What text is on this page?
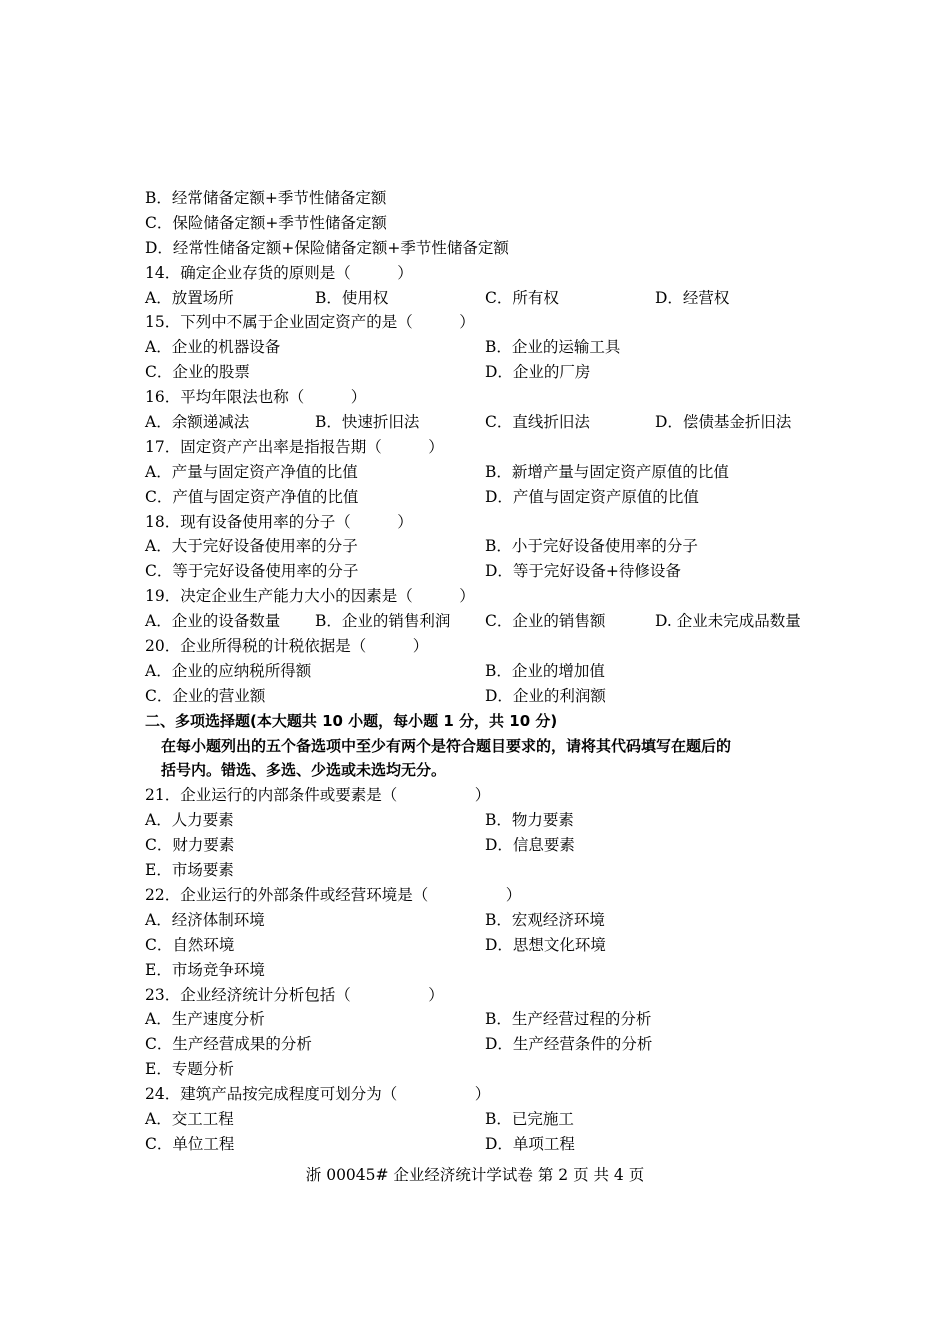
B．经常储备定额+季节性储备定额
C．保险储备定额+季节性储备定额
D．经常性储备定额+保险储备定额+季节性储备定额
14．确定企业存货的原则是（　　　）
A．放置场所	B．使用权	C．所有权	D．经营权
15．下列中不属于企业固定资产的是（　　　）
A．企业的机器设备	B．企业的运输工具
C．企业的股票	D．企业的厂房
16．平均年限法也称（　　　）
A．余额递减法	B．快速折旧法	C．直线折旧法	D．偿债基金折旧法
17．固定资产产出率是指报告期（　　　）
A．产量与固定资产净值的比值	B．新增产量与固定资产原值的比值
C．产值与固定资产净值的比值	D．产值与固定资产原值的比值
18．现有设备使用率的分子（　　　）
A．大于完好设备使用率的分子	B．小于完好设备使用率的分子
C．等于完好设备使用率的分子	D．等于完好设备+待修设备
19．决定企业生产能力大小的因素是（　　　）
A．企业的设备数量 B．企业的销售利润 C．企业的销售额	D. 企业未完成品数量
20．企业所得税的计税依据是（　　　）
A．企业的应纳税所得额	B．企业的增加值
C．企业的营业额	D．企业的利润额
二、多项选择题(本大题共 10 小题，每小题 1 分，共 10 分)
在每小题列出的五个备选项中至少有两个是符合题目要求的，请将其代码填写在题后的
括号内。错选、多选、少选或未选均无分。
21．企业运行的内部条件或要素是（　　　　　）
A．人力要素	B．物力要素
C．财力要素	D．信息要素
E．市场要素
22．企业运行的外部条件或经营环境是（　　　　　）
A．经济体制环境	B．宏观经济环境
C．自然环境	D．思想文化环境
E．市场竞争环境
23．企业经济统计分析包括（　　　　　）
A．生产速度分析	B．生产经营过程的分析
C．生产经营成果的分析	D．生产经营条件的分析
E．专题分析
24．建筑产品按完成程度可划分为（　　　　　）
A．交工工程	B．已完施工
C．单位工程	D．单项工程
浙 00045# 企业经济统计学试卷 第 2 页 共 4 页
